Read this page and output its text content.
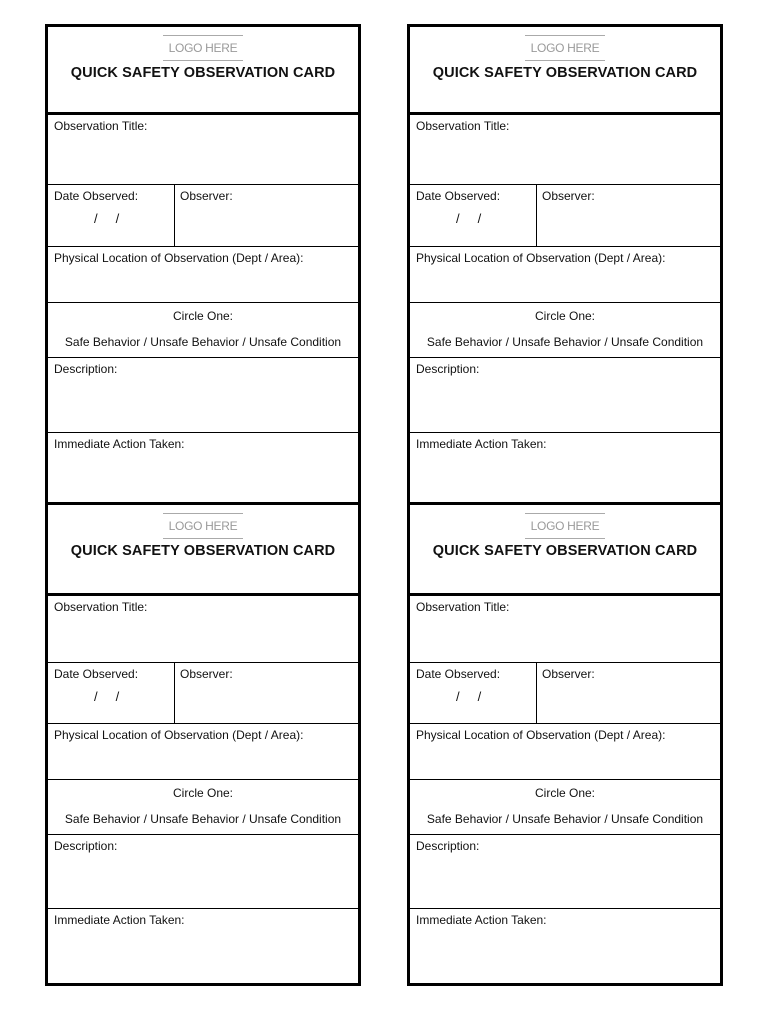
LOGO HERE
QUICK SAFETY OBSERVATION CARD
Observation Title:
Date Observed:
/     /
Observer:
Physical Location of Observation (Dept / Area):
Circle One:
Safe Behavior / Unsafe Behavior / Unsafe Condition
Description:
Immediate Action Taken:
LOGO HERE
QUICK SAFETY OBSERVATION CARD
Observation Title:
Date Observed:
/     /
Observer:
Physical Location of Observation (Dept / Area):
Circle One:
Safe Behavior / Unsafe Behavior / Unsafe Condition
Description:
Immediate Action Taken:
LOGO HERE
QUICK SAFETY OBSERVATION CARD
Observation Title:
Date Observed:
/     /
Observer:
Physical Location of Observation (Dept / Area):
Circle One:
Safe Behavior / Unsafe Behavior / Unsafe Condition
Description:
Immediate Action Taken:
LOGO HERE
QUICK SAFETY OBSERVATION CARD
Observation Title:
Date Observed:
/     /
Observer:
Physical Location of Observation (Dept / Area):
Circle One:
Safe Behavior / Unsafe Behavior / Unsafe Condition
Description:
Immediate Action Taken:
